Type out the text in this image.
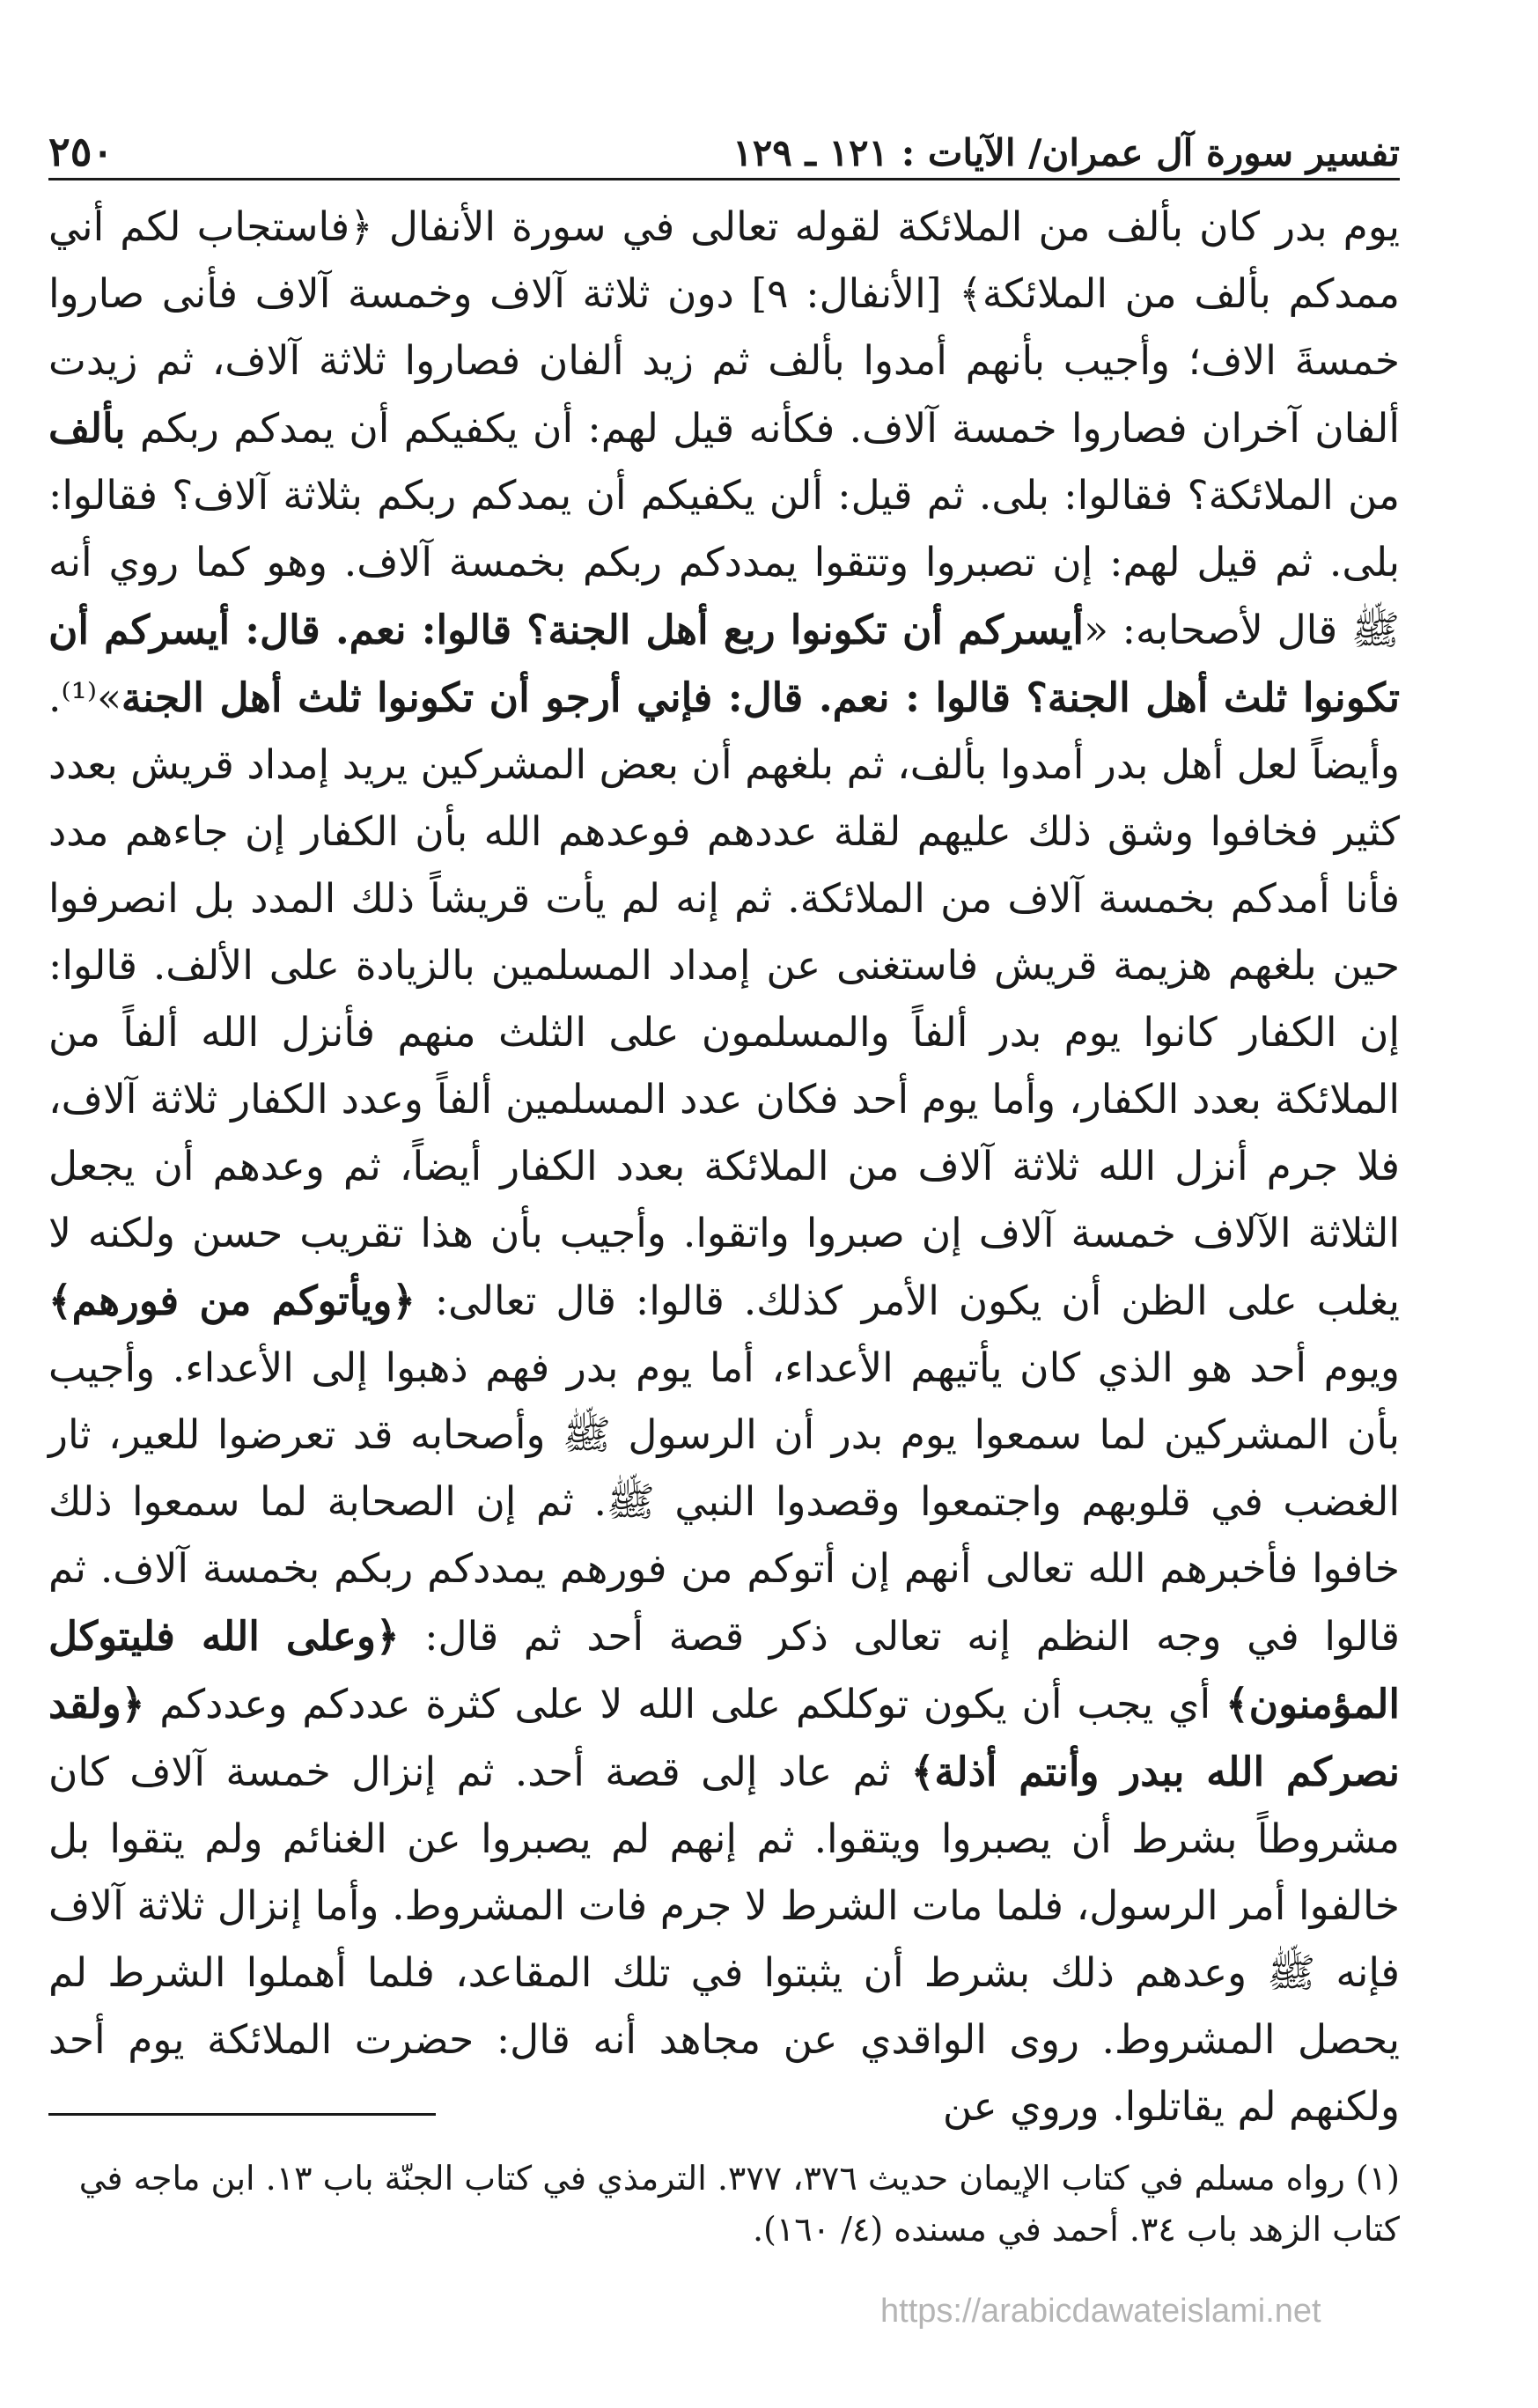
تفسير سورة آل عمران/ الآيات : ١٢١ ـ ١٢٩
٢٥٠

يوم بدر كان بألف من الملائكة لقوله تعالى في سورة الأنفال ﴿فاستجاب لكم أني ممدكم بألف من الملائكة﴾ [الأنفال: ٩] دون ثلاثة آلاف وخمسة آلاف فأنى صاروا خمسةَ الاف؛ وأجيب بأنهم أمدوا بألف ثم زيد ألفان فصاروا ثلاثة آلاف، ثم زيدت ألفان آخران فصاروا خمسة آلاف. فكأنه قيل لهم: أن يكفيكم أن يمدكم ربكم بألف من الملائكة؟ فقالوا: بلى. ثم قيل: ألن يكفيكم أن يمدكم ربكم بثلاثة آلاف؟ فقالوا: بلى. ثم قيل لهم: إن تصبروا وتتقوا يمددكم ربكم بخمسة آلاف. وهو كما روي أنه ﷺ قال لأصحابه: «أيسركم أن تكونوا ربع أهل الجنة؟ قالوا: نعم. قال: أيسركم أن تكونوا ثلث أهل الجنة؟ قالوا : نعم. قال: فإني أرجو أن تكونوا ثلث أهل الجنة»⁽¹⁾. وأيضاً لعل أهل بدر أمدوا بألف، ثم بلغهم أن بعض المشركين يريد إمداد قريش بعدد كثير فخافوا وشق ذلك عليهم لقلة عددهم فوعدهم الله بأن الكفار إن جاءهم مدد فأنا أمدكم بخمسة آلاف من الملائكة. ثم إنه لم يأت قريشاً ذلك المدد بل انصرفوا حين بلغهم هزيمة قريش فاستغنى عن إمداد المسلمين بالزيادة على الألف. قالوا: إن الكفار كانوا يوم بدر ألفاً والمسلمون على الثلث منهم فأنزل الله ألفاً من الملائكة بعدد الكفار، وأما يوم أحد فكان عدد المسلمين ألفاً وعدد الكفار ثلاثة آلاف، فلا جرم أنزل الله ثلاثة آلاف من الملائكة بعدد الكفار أيضاً، ثم وعدهم أن يجعل الثلاثة الآلاف خمسة آلاف إن صبروا واتقوا. وأجيب بأن هذا تقريب حسن ولكنه لا يغلب على الظن أن يكون الأمر كذلك. قالوا: قال تعالى: ﴿ويأتوكم من فورهم﴾ ويوم أحد هو الذي كان يأتيهم الأعداء، أما يوم بدر فهم ذهبوا إلى الأعداء. وأجيب بأن المشركين لما سمعوا يوم بدر أن الرسول ﷺ وأصحابه قد تعرضوا للعير، ثار الغضب في قلوبهم واجتمعوا وقصدوا النبي ﷺ. ثم إن الصحابة لما سمعوا ذلك خافوا فأخبرهم الله تعالى أنهم إن أتوكم من فورهم يمددكم ربكم بخمسة آلاف. ثم قالوا في وجه النظم إنه تعالى ذكر قصة أحد ثم قال: ﴿وعلى الله فليتوكل المؤمنون﴾ أي يجب أن يكون توكلكم على الله لا على كثرة عددكم وعددكم ﴿ولقد نصركم الله ببدر وأنتم أذلة﴾ ثم عاد إلى قصة أحد. ثم إنزال خمسة آلاف كان مشروطاً بشرط أن يصبروا ويتقوا. ثم إنهم لم يصبروا عن الغنائم ولم يتقوا بل خالفوا أمر الرسول، فلما مات الشرط لا جرم فات المشروط. وأما إنزال ثلاثة آلاف فإنه ﷺ وعدهم ذلك بشرط أن يثبتوا في تلك المقاعد، فلما أهملوا الشرط لم يحصل المشروط. روى الواقدي عن مجاهد أنه قال: حضرت الملائكة يوم أحد ولكنهم لم يقاتلوا. وروي عن

(١) رواه مسلم في كتاب الإيمان حديث ٣٧٦، ٣٧٧. الترمذي في كتاب الجنّة باب ١٣. ابن ماجه في
كتاب الزهد باب ٣٤. أحمد في مسنده (٤/ ١٦٠).
https://arabicdawateislami.net
